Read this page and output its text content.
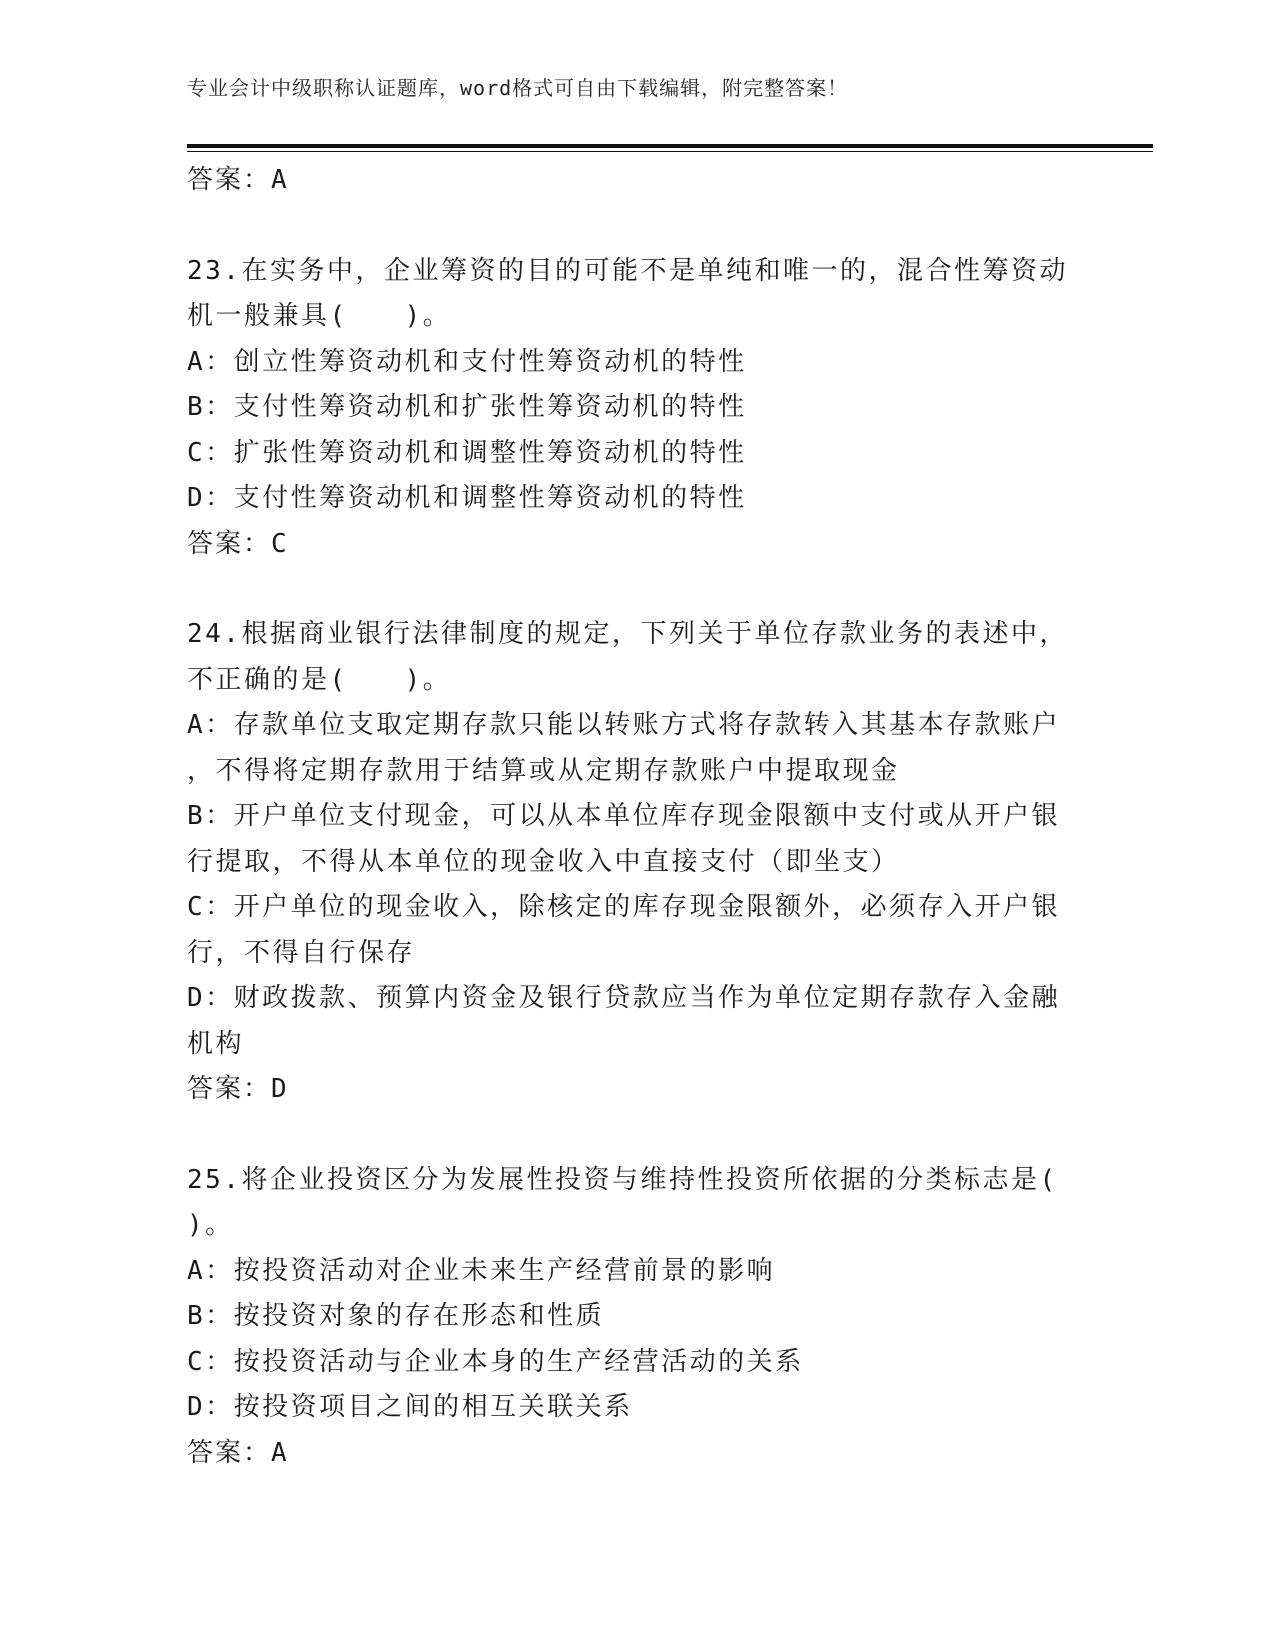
专业会计中级职称认证题库，word格式可自由下载编辑，附完整答案！
答案：A
23.在实务中，企业筹资的目的可能不是单纯和唯一的，混合性筹资动
机一般兼具(　　)。
A：创立性筹资动机和支付性筹资动机的特性
B：支付性筹资动机和扩张性筹资动机的特性
C：扩张性筹资动机和调整性筹资动机的特性
D：支付性筹资动机和调整性筹资动机的特性
答案：C
24.根据商业银行法律制度的规定，下列关于单位存款业务的表述中，
不正确的是(　　)。
A：存款单位支取定期存款只能以转账方式将存款转入其基本存款账户
，不得将定期存款用于结算或从定期存款账户中提取现金
B：开户单位支付现金，可以从本单位库存现金限额中支付或从开户银
行提取，不得从本单位的现金收入中直接支付（即坐支）
C：开户单位的现金收入，除核定的库存现金限额外，必须存入开户银
行，不得自行保存
D：财政拨款、预算内资金及银行贷款应当作为单位定期存款存入金融
机构
答案：D
25.将企业投资区分为发展性投资与维持性投资所依据的分类标志是(
)。
A：按投资活动对企业未来生产经营前景的影响
B：按投资对象的存在形态和性质
C：按投资活动与企业本身的生产经营活动的关系
D：按投资项目之间的相互关联关系
答案：A
